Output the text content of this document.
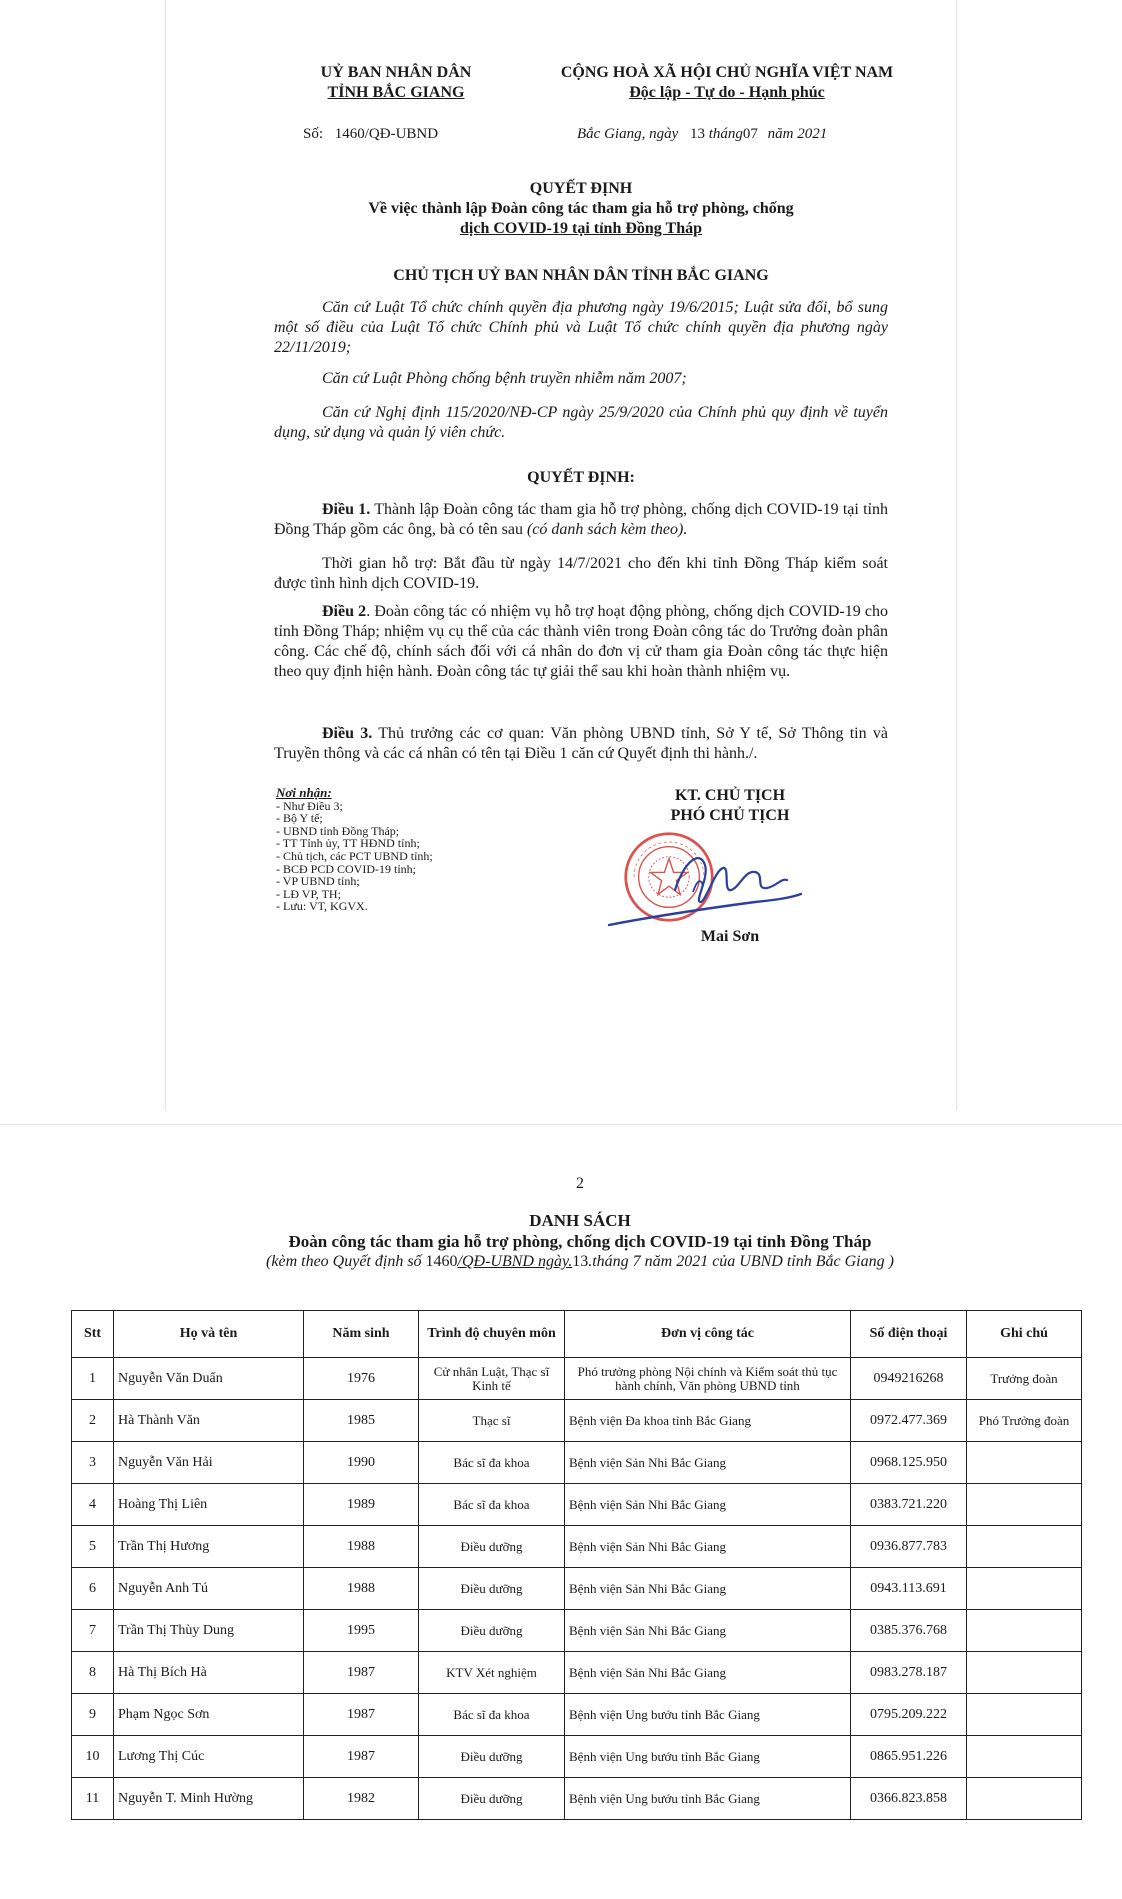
UỶ BAN NHÂN DÂN
TỈNH BẮC GIANG
Số: 1460/QĐ-UBND
CỘNG HOÀ XÃ HỘI CHỦ NGHĨA VIỆT NAM
Độc lập - Tự do - Hạnh phúc
Bắc Giang, ngày 13 tháng07 năm 2021
QUYẾT ĐỊNH
Về việc thành lập Đoàn công tác tham gia hỗ trợ phòng, chống
dịch COVID-19 tại tỉnh Đồng Tháp
CHỦ TỊCH UỶ BAN NHÂN DÂN TỈNH BẮC GIANG
Căn cứ Luật Tổ chức chính quyền địa phương ngày 19/6/2015; Luật sửa đổi, bổ sung một số điều của Luật Tổ chức Chính phủ và Luật Tổ chức chính quyền địa phương ngày 22/11/2019;
Căn cứ Luật Phòng chống bệnh truyền nhiễm năm 2007;
Căn cứ Nghị định 115/2020/NĐ-CP ngày 25/9/2020 của Chính phủ quy định về tuyển dụng, sử dụng và quản lý viên chức.
QUYẾT ĐỊNH:
Điều 1. Thành lập Đoàn công tác tham gia hỗ trợ phòng, chống dịch COVID-19 tại tỉnh Đồng Tháp gồm các ông, bà có tên sau (có danh sách kèm theo).
Thời gian hỗ trợ: Bắt đầu từ ngày 14/7/2021 cho đến khi tỉnh Đồng Tháp kiểm soát được tình hình dịch COVID-19.
Điều 2. Đoàn công tác có nhiệm vụ hỗ trợ hoạt động phòng, chống dịch COVID-19 cho tỉnh Đồng Tháp; nhiệm vụ cụ thể của các thành viên trong Đoàn công tác do Trưởng đoàn phân công. Các chế độ, chính sách đối với cá nhân do đơn vị cử tham gia Đoàn công tác thực hiện theo quy định hiện hành. Đoàn công tác tự giải thể sau khi hoàn thành nhiệm vụ.
Điều 3. Thủ trưởng các cơ quan: Văn phòng UBND tỉnh, Sở Y tế, Sở Thông tin và Truyền thông và các cá nhân có tên tại Điều 1 căn cứ Quyết định thi hành./.
Nơi nhận:
- Như Điều 3;
- Bộ Y tế;
- UBND tỉnh Đồng Tháp;
- TT Tỉnh ủy, TT HĐND tỉnh;
- Chủ tịch, các PCT UBND tỉnh;
- BCĐ PCD COVID-19 tỉnh;
- VP UBND tỉnh;
- LĐ VP, TH;
- Lưu: VT, KGVX.
KT. CHỦ TỊCH
PHÓ CHỦ TỊCH
Mai Sơn
2
DANH SÁCH
Đoàn công tác tham gia hỗ trợ phòng, chống dịch COVID-19 tại tỉnh Đồng Tháp
(kèm theo Quyết định số 1460/QĐ-UBND ngày.13.tháng 7 năm 2021 của UBND tỉnh Bắc Giang )
Stt	Họ và tên	Năm sinh	Trình độ chuyên môn	Đơn vị công tác	Số điện thoại	Ghi chú
1	Nguyễn Văn Duẩn	1976	Cử nhân Luật, Thạc sĩ Kinh tế	Phó trưởng phòng Nội chính và Kiểm soát thủ tục hành chính, Văn phòng UBND tỉnh	0949216268	Trưởng đoàn
2	Hà Thành Văn	1985	Thạc sĩ	Bệnh viện Đa khoa tỉnh Bắc Giang	0972.477.369	Phó Trưởng đoàn
3	Nguyễn Văn Hải	1990	Bác sĩ đa khoa	Bệnh viện Sản Nhi Bắc Giang	0968.125.950	
4	Hoàng Thị Liên	1989	Bác sĩ đa khoa	Bệnh viện Sản Nhi Bắc Giang	0383.721.220	
5	Trần Thị Hương	1988	Điều dưỡng	Bệnh viện Sản Nhi Bắc Giang	0936.877.783	
6	Nguyễn Anh Tú	1988	Điều dưỡng	Bệnh viện Sản Nhi Bắc Giang	0943.113.691	
7	Trần Thị Thùy Dung	1995	Điều dưỡng	Bệnh viện Sản Nhi Bắc Giang	0385.376.768	
8	Hà Thị Bích Hà	1987	KTV Xét nghiệm	Bệnh viện Sản Nhi Bắc Giang	0983.278.187	
9	Phạm Ngọc Sơn	1987	Bác sĩ đa khoa	Bệnh viện Ung bướu tỉnh Bắc Giang	0795.209.222	
10	Lương Thị Cúc	1987	Điều dưỡng	Bệnh viện Ung bướu tỉnh Bắc Giang	0865.951.226	
11	Nguyễn T. Minh Hường	1982	Điều dưỡng	Bệnh viện Ung bướu tỉnh Bắc Giang	0366.823.858	
